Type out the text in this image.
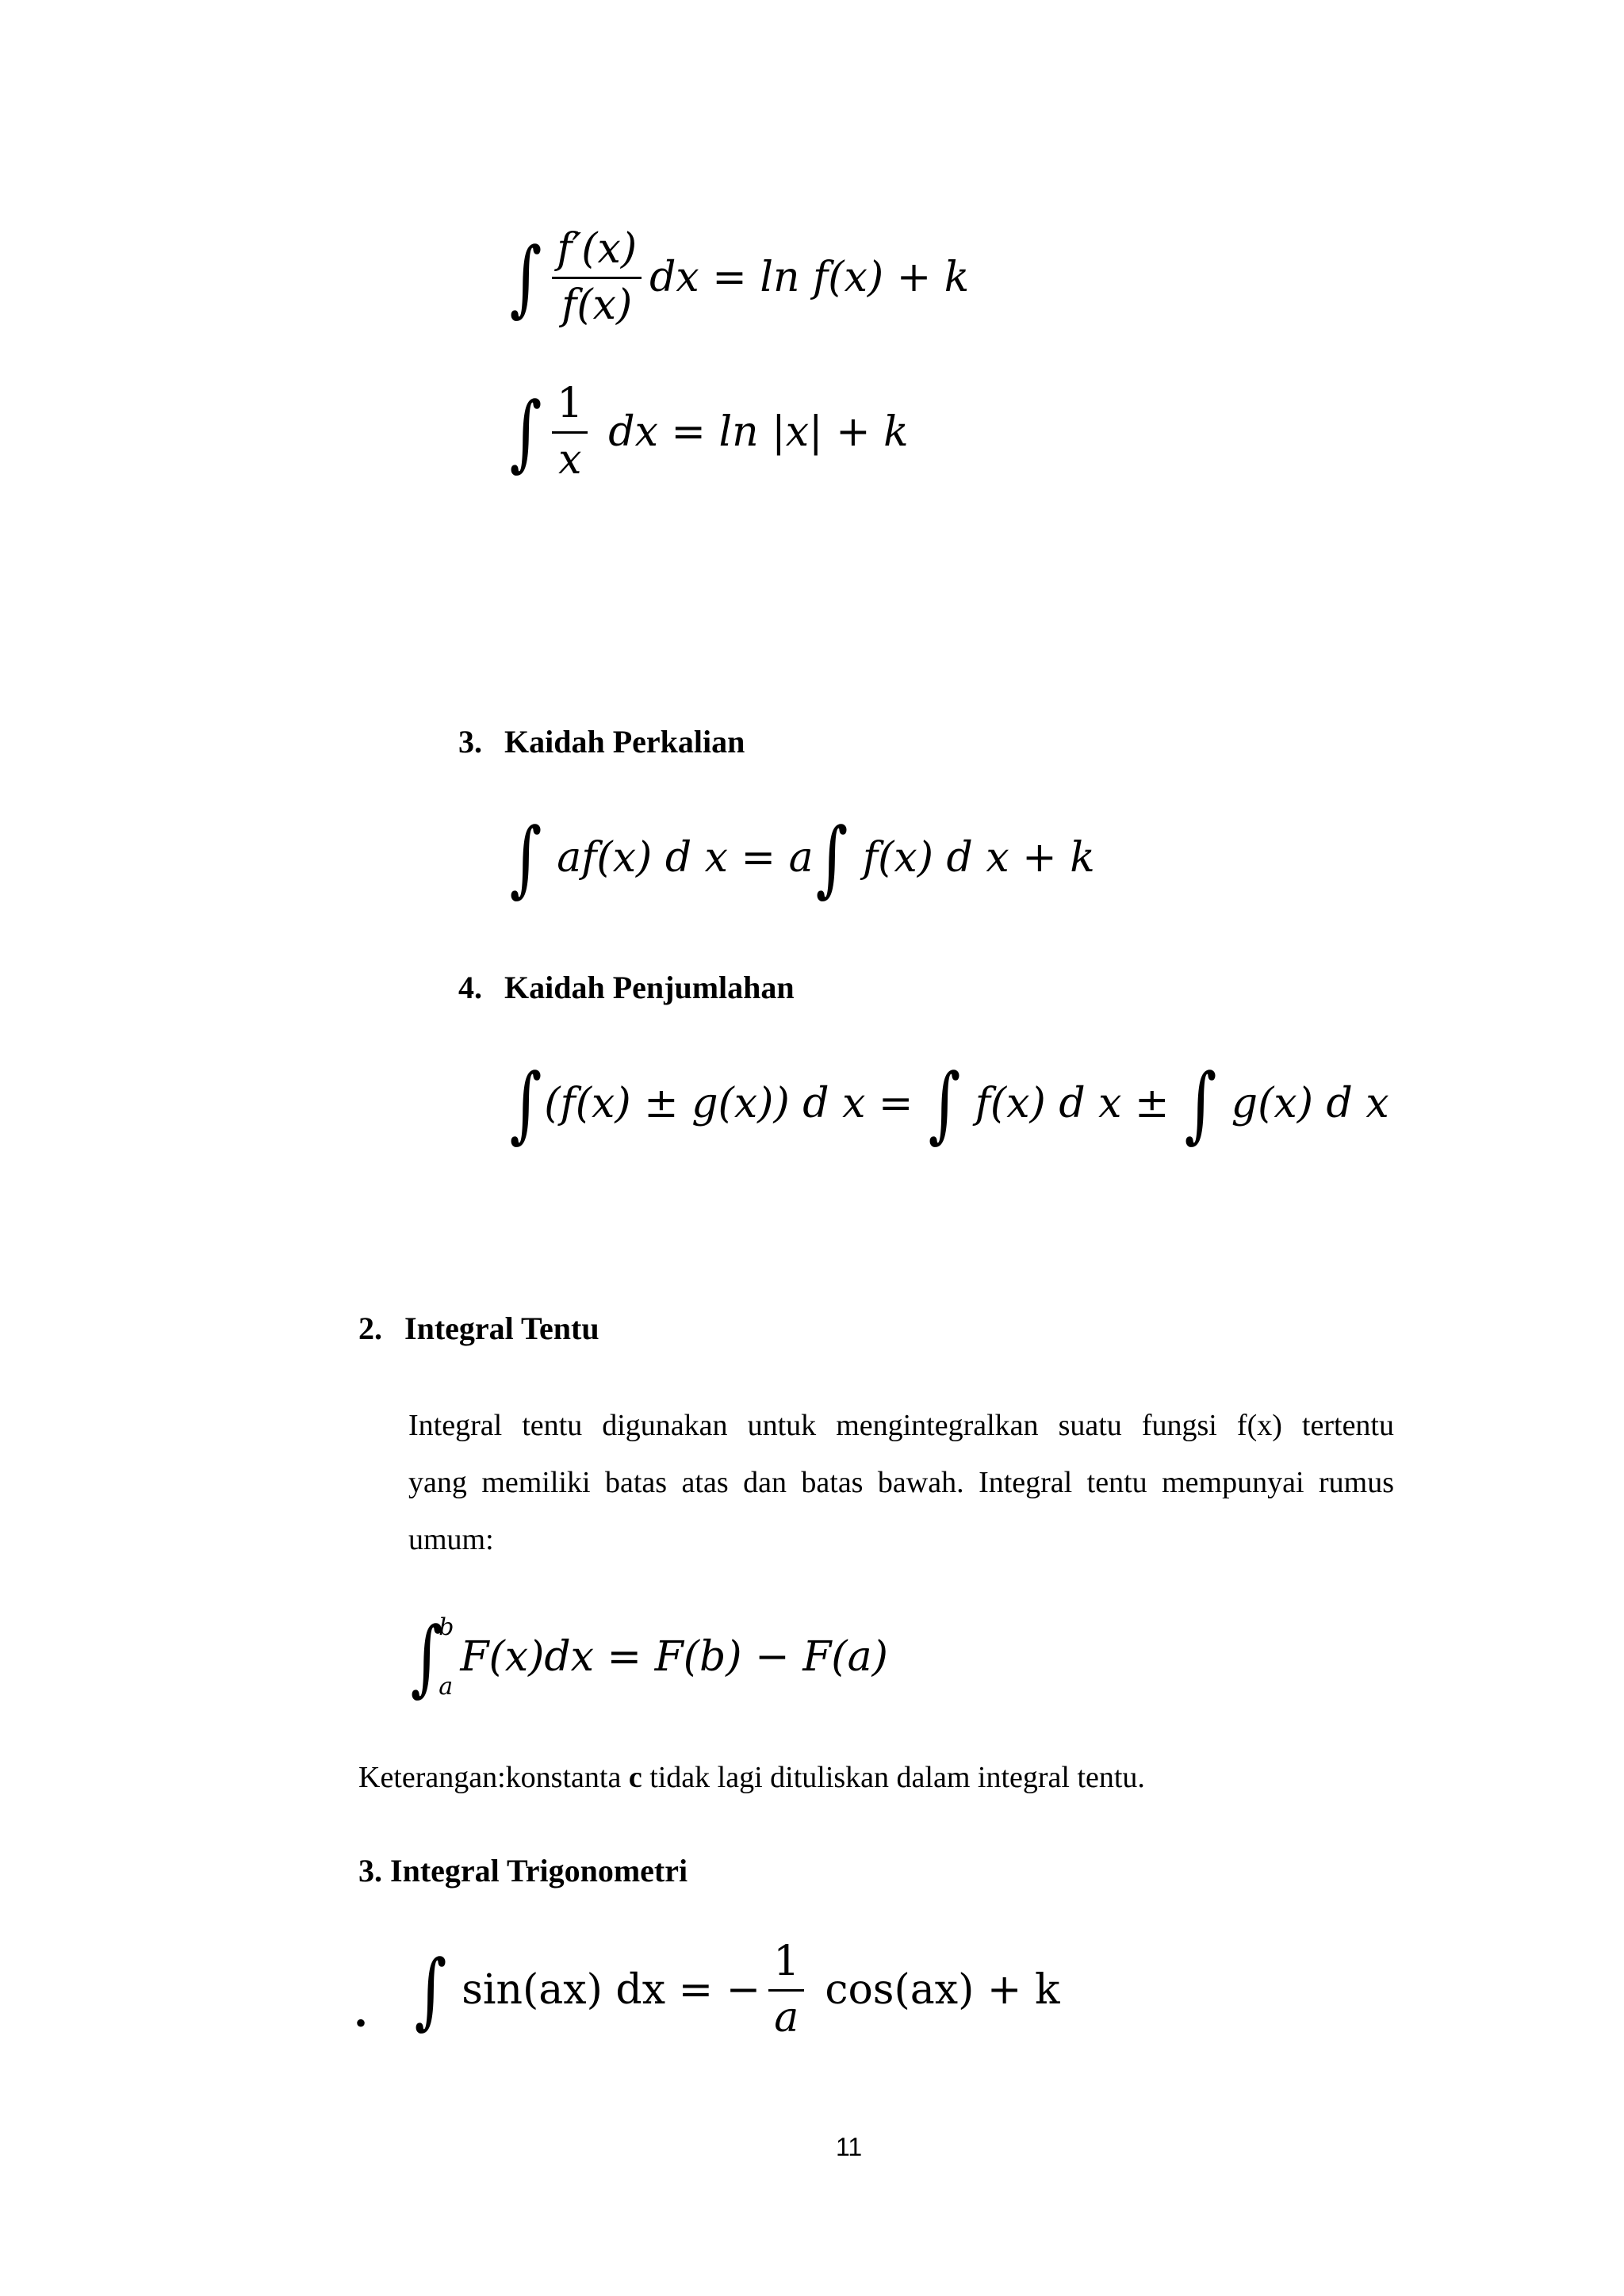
∫ $\frac{f'(x)}{f(x)}$ dx = ln f(x) + k
∫ $\frac{1}{x}$ dx = ln |x| + k
3. Kaidah Perkalian
∫ af(x) d x = a ∫ f(x) d x + k
4. Kaidah Penjumlahan
∫ (f(x) ± g(x)) d x = ∫ f(x) d x ± ∫ g(x) d x
2. Integral Tentu
Integral tentu digunakan untuk mengintegralkan suatu fungsi f(x) tertentu
yang memiliki batas atas dan batas bawah. Integral tentu mempunyai rumus
umum:
∫
b
a
F(x)dx = F(b) − F(a)
Keterangan:konstanta c tidak lagi dituliskan dalam integral tentu.
3. Integral Trigonometri
• ∫ sin(ax) dx = − $\frac{1}{a} \cos(ax) + k$
11
